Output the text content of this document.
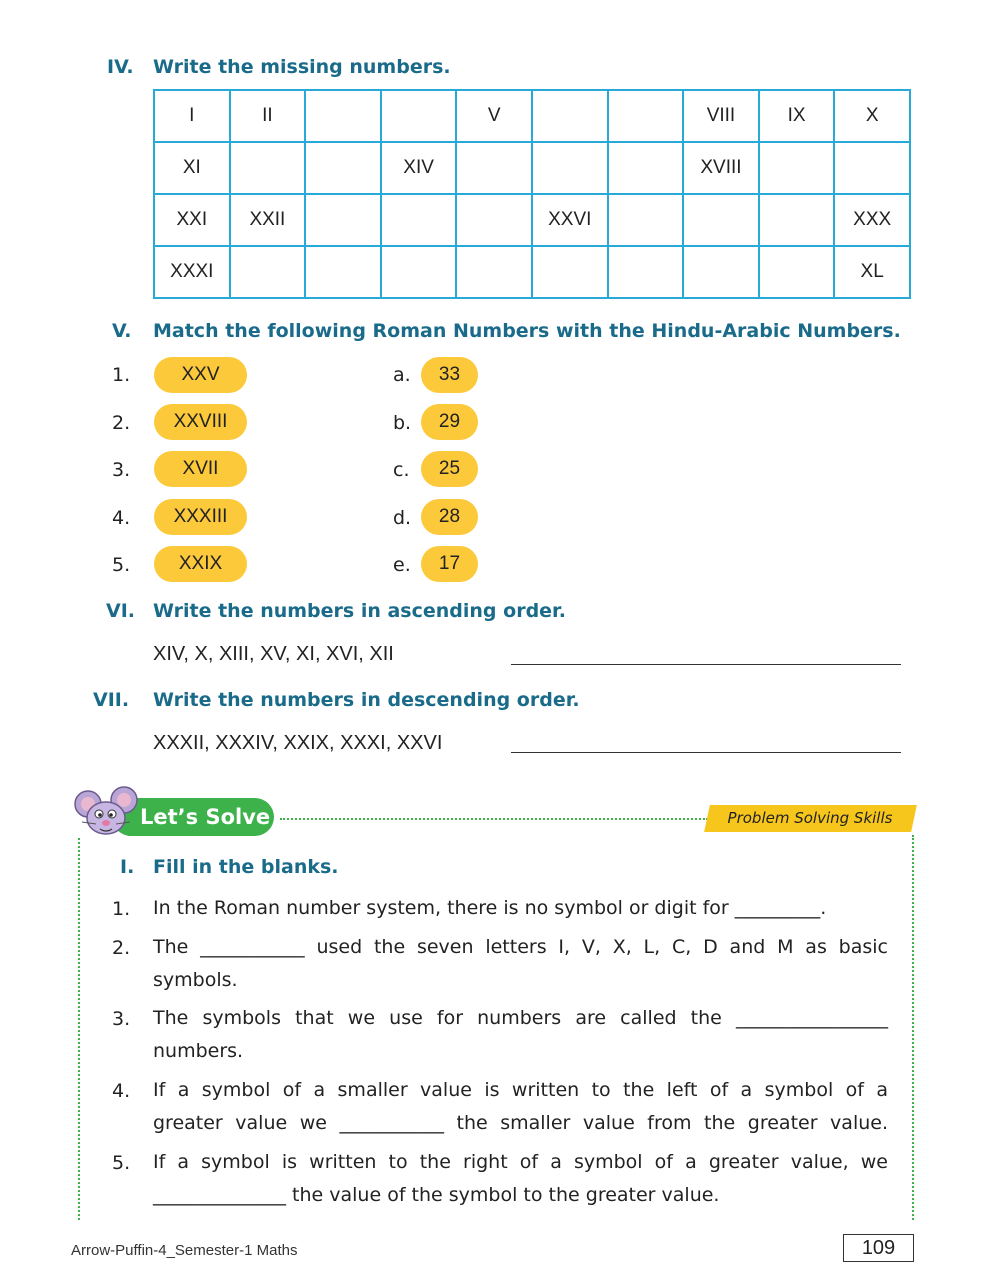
IV. Write the missing numbers.
I	II			V			VIII	IX	X
XI			XIV				XVIII		
XXI	XXII				XXVI				XXX
XXXI									XL
V. Match the following Roman Numbers with the Hindu-Arabic Numbers.
1.	XXV	a.	33
2.	XXVIII	b.	29
3.	XVII	c.	25
4.	XXXIII	d.	28
5.	XXIX	e.	17
VI. Write the numbers in ascending order.
XIV, X, XIII, XV, XI, XVI, XII
VII. Write the numbers in descending order.
XXXII, XXXIV, XXIX, XXXI, XXVI
Let’s Solve	Problem Solving Skills
I. Fill in the blanks.
1. In the Roman number system, there is no symbol or digit for _________.
2. The ___________ used the seven letters I, V, X, L, C, D and M as basic
symbols.
3. The symbols that we use for numbers are called the ________________
numbers.
4. If a symbol of a smaller value is written to the left of a symbol of a
greater value we ___________ the smaller value from the greater value.
5. If a symbol is written to the right of a symbol of a greater value, we
______________ the value of the symbol to the greater value.
Arrow-Puffin-4_Semester-1 Maths	109
